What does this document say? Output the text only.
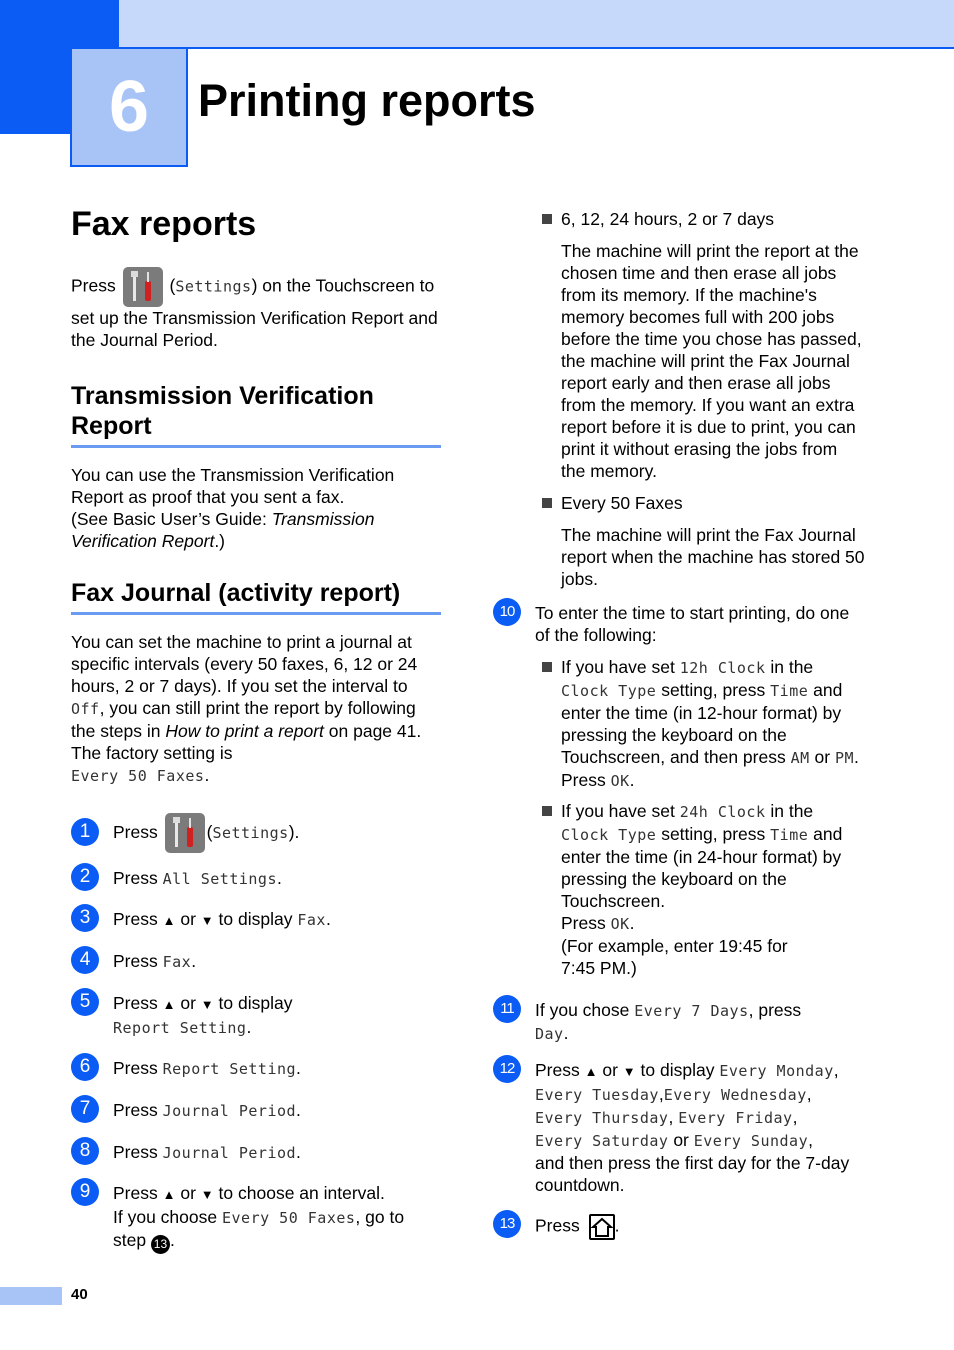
6 Printing reports
Fax reports

Press	(Settings) on the Touchscreen to set up the Transmission Verification Report and the Journal Period.

Transmission Verification Report

You can use the Transmission Verification Report as proof that you sent a fax.
(See Basic User’s Guide: Transmission Verification Report.)

Fax Journal (activity report)

You can set the machine to print a journal at specific intervals (every 50 faxes, 6, 12 or 24 hours, 2 or 7 days). If you set the interval to Off, you can still print the report by following the steps in How to print a report on page 41. The factory setting is
Every 50 Faxes.

1	Press	(Settings).
2	Press All Settings.
3	Press ▲ or ▼ to display Fax.
4	Press Fax.
5	Press ▲ or ▼ to display
Report Setting.
6	Press Report Setting.
7	Press Journal Period.
8	Press Journal Period.
9	Press ▲ or ▼ to choose an interval.
If you choose Every 50 Faxes, go to
step 13 .
6, 12, 24 hours, 2 or 7 days

The machine will print the report at the chosen time and then erase all jobs from its memory. If the machine's memory becomes full with 200 jobs before the time you chose has passed, the machine will print the Fax Journal report early and then erase all jobs from the memory. If you want an extra report before it is due to print, you can print it without erasing the jobs from the memory.

Every 50 Faxes

The machine will print the Fax Journal report when the machine has stored 50 jobs.

10	To enter the time to start printing, do one of the following:

If you have set 12h Clock in the Clock Type setting, press Time and enter the time (in 12-hour format) by pressing the keyboard on the Touchscreen, and then press AM or PM.
Press OK.
If you have set 24h Clock in the Clock Type setting, press Time and enter the time (in 24-hour format) by pressing the keyboard on the Touchscreen.
Press OK.
(For example, enter 19:45 for
7:45 PM.)
11	If you chose Every 7 Days, press
Day.
12	Press ▲ or ▼ to display Every Monday,
Every Tuesday,Every Wednesday,
Every Thursday, Every Friday,
Every Saturday or Every Sunday,
and then press the first day for the 7-day countdown.
13	Press .
40
